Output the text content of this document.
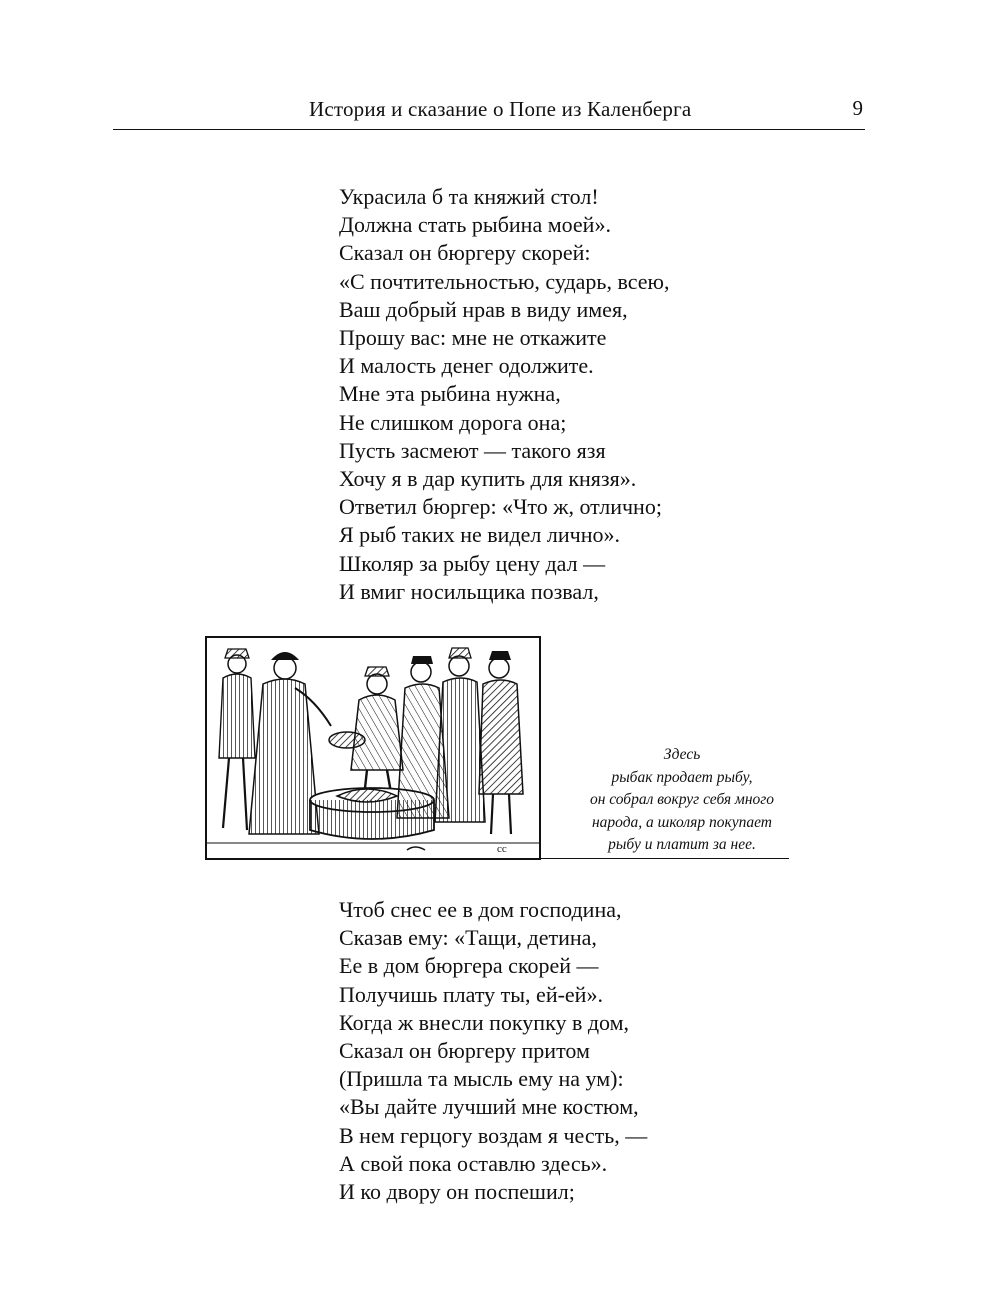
История и сказание о Попе из Каленберга	9
Украсила б та княжий стол!
Должна стать рыбина моей».
Сказал он бюргеру скорей:
«С почтительностью, сударь, всею,
Ваш добрый нрав в виду имея,
Прошу вас: мне не откажите
И малость денег одолжите.
Мне эта рыбина нужна,
Не слишком дорога она;
Пусть засмеют — такого язя
Хочу я в дар купить для князя».
Ответил бюргер: «Что ж, отлично;
Я рыб таких не видел лично».
Школяр за рыбу цену дал —
И вмиг носильщика позвал,
cc
Здесь
рыбак продает рыбу,
он собрал вокруг себя много
народа, а школяр покупает
рыбу и платит за нее.
Чтоб снес ее в дом господина,
Сказав ему: «Тащи, детина,
Ее в дом бюргера скорей —
Получишь плату ты, ей-ей».
Когда ж внесли покупку в дом,
Сказал он бюргеру притом
(Пришла та мысль ему на ум):
«Вы дайте лучший мне костюм,
В нем герцогу воздам я честь, —
А свой пока оставлю здесь».
И ко двору он поспешил;
